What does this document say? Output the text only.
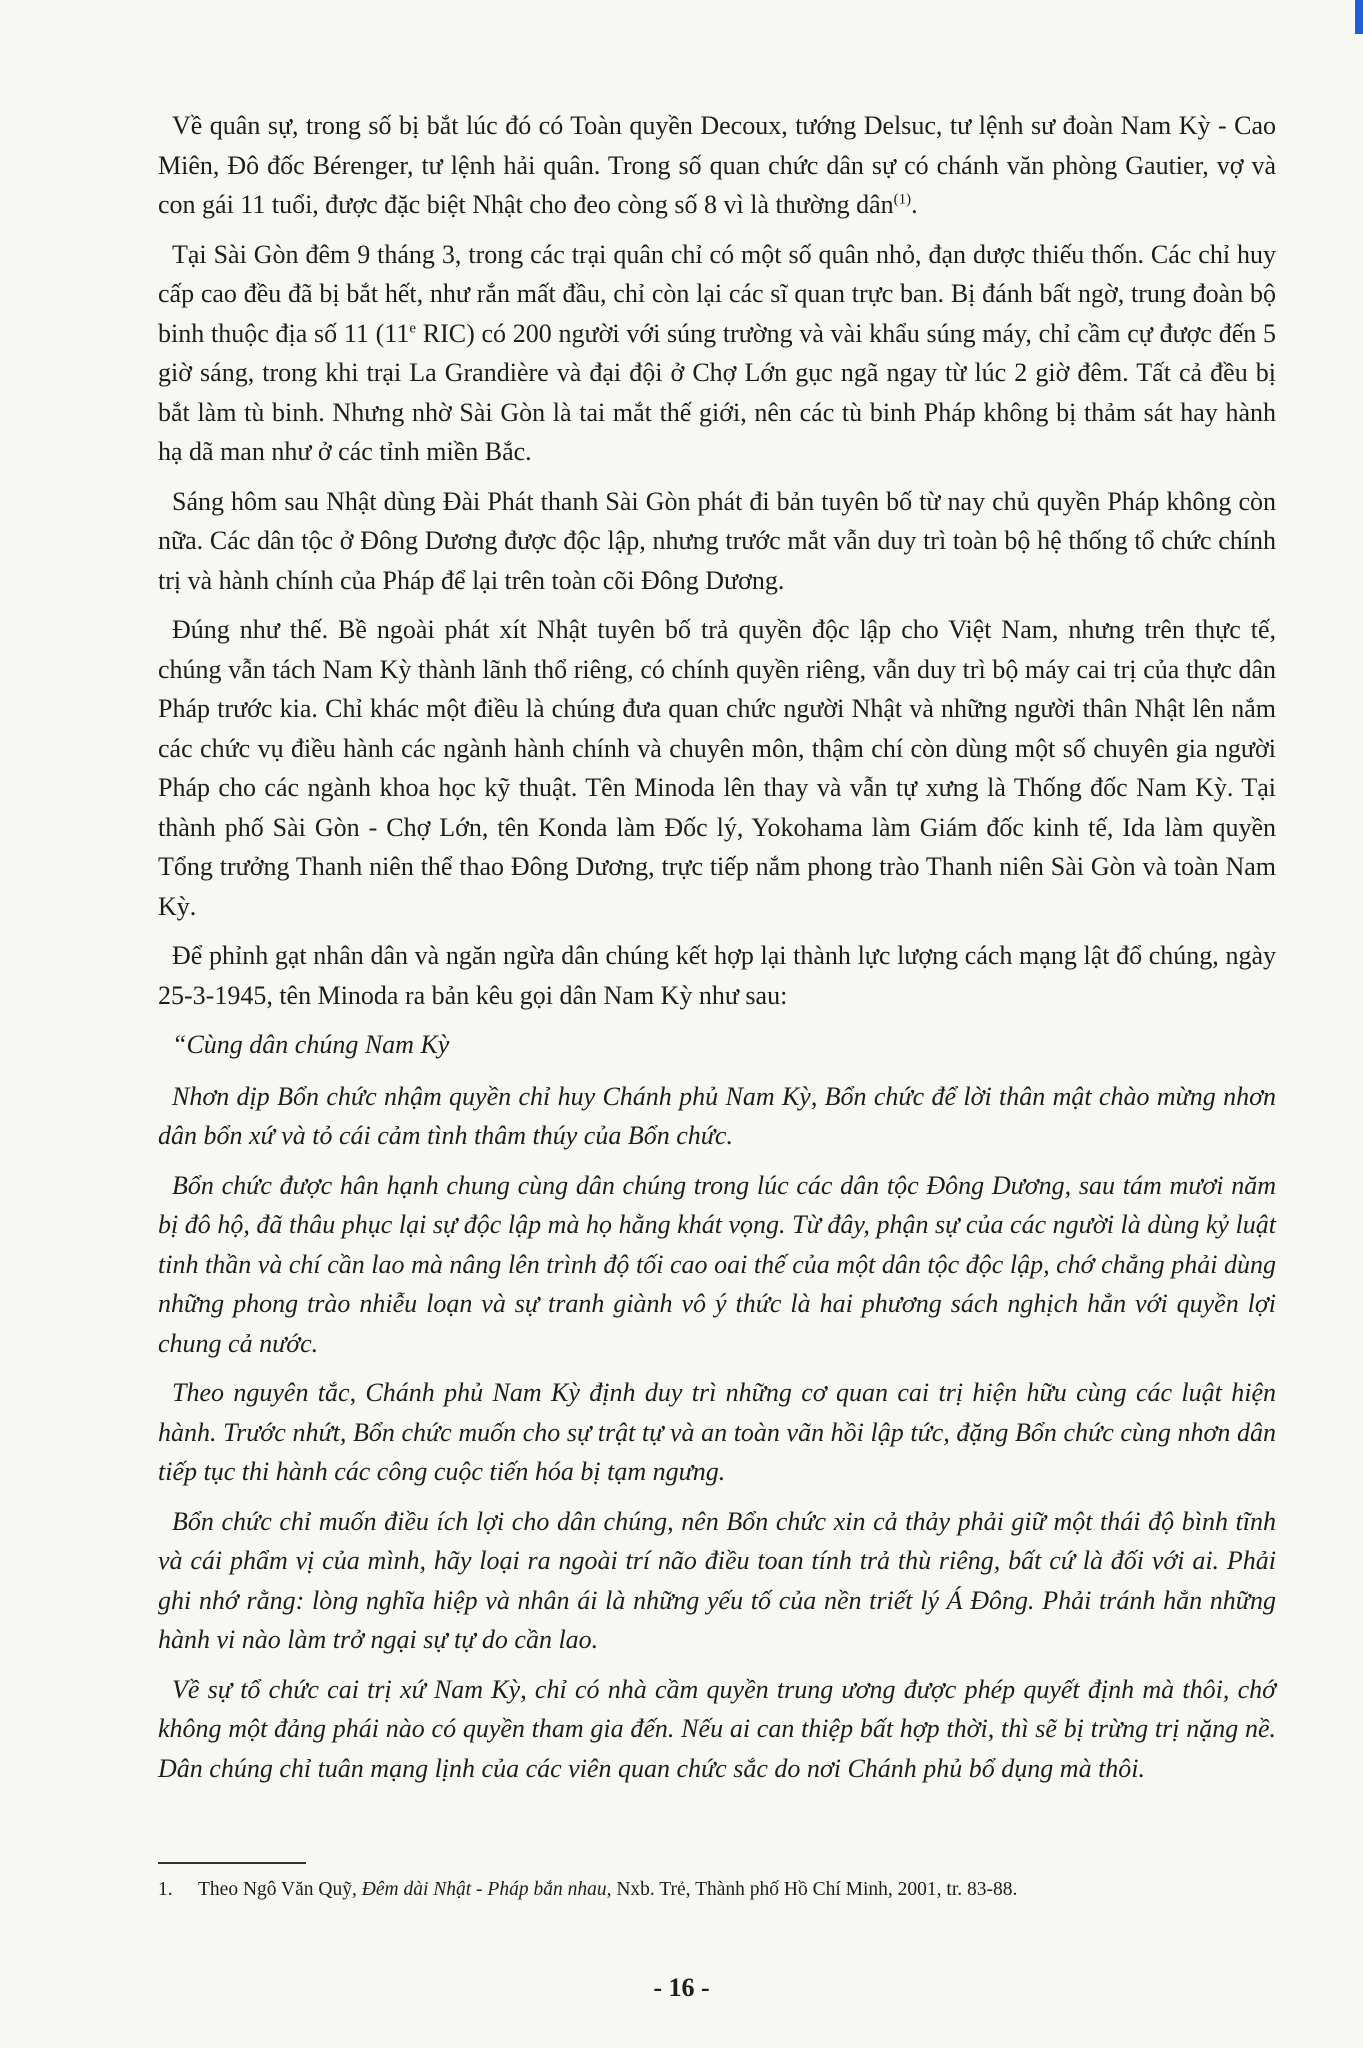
Về quân sự, trong số bị bắt lúc đó có Toàn quyền Decoux, tướng Delsuc, tư lệnh sư đoàn Nam Kỳ - Cao Miên, Đô đốc Bérenger, tư lệnh hải quân. Trong số quan chức dân sự có chánh văn phòng Gautier, vợ và con gái 11 tuổi, được đặc biệt Nhật cho đeo còng số 8 vì là thường dân$^{(1)}$.

Tại Sài Gòn đêm 9 tháng 3, trong các trại quân chỉ có một số quân nhỏ, đạn dược thiếu thốn. Các chỉ huy cấp cao đều đã bị bắt hết, như rắn mất đầu, chỉ còn lại các sĩ quan trực ban. Bị đánh bất ngờ, trung đoàn bộ binh thuộc địa số 11 (11e RIC) có 200 người với súng trường và vài khẩu súng máy, chỉ cầm cự được đến 5 giờ sáng, trong khi trại La Grandière và đại đội ở Chợ Lớn gục ngã ngay từ lúc 2 giờ đêm. Tất cả đều bị bắt làm tù binh. Nhưng nhờ Sài Gòn là tai mắt thế giới, nên các tù binh Pháp không bị thảm sát hay hành hạ dã man như ở các tỉnh miền Bắc.

Sáng hôm sau Nhật dùng Đài Phát thanh Sài Gòn phát đi bản tuyên bố từ nay chủ quyền Pháp không còn nữa. Các dân tộc ở Đông Dương được độc lập, nhưng trước mắt vẫn duy trì toàn bộ hệ thống tổ chức chính trị và hành chính của Pháp để lại trên toàn cõi Đông Dương.

Đúng như thế. Bề ngoài phát xít Nhật tuyên bố trả quyền độc lập cho Việt Nam, nhưng trên thực tế, chúng vẫn tách Nam Kỳ thành lãnh thổ riêng, có chính quyền riêng, vẫn duy trì bộ máy cai trị của thực dân Pháp trước kia. Chỉ khác một điều là chúng đưa quan chức người Nhật và những người thân Nhật lên nắm các chức vụ điều hành các ngành hành chính và chuyên môn, thậm chí còn dùng một số chuyên gia người Pháp cho các ngành khoa học kỹ thuật. Tên Minoda lên thay và vẫn tự xưng là Thống đốc Nam Kỳ. Tại thành phố Sài Gòn - Chợ Lớn, tên Konda làm Đốc lý, Yokohama làm Giám đốc kinh tế, Ida làm quyền Tổng trưởng Thanh niên thể thao Đông Dương, trực tiếp nắm phong trào Thanh niên Sài Gòn và toàn Nam Kỳ.

Để phỉnh gạt nhân dân và ngăn ngừa dân chúng kết hợp lại thành lực lượng cách mạng lật đổ chúng, ngày 25-3-1945, tên Minoda ra bản kêu gọi dân Nam Kỳ như sau:

“Cùng dân chúng Nam Kỳ

Nhơn dịp Bổn chức nhậm quyền chỉ huy Chánh phủ Nam Kỳ, Bổn chức để lời thân mật chào mừng nhơn dân bổn xứ và tỏ cái cảm tình thâm thúy của Bổn chức.

Bổn chức được hân hạnh chung cùng dân chúng trong lúc các dân tộc Đông Dương, sau tám mươi năm bị đô hộ, đã thâu phục lại sự độc lập mà họ hằng khát vọng. Từ đây, phận sự của các người là dùng kỷ luật tinh thần và chí cần lao mà nâng lên trình độ tối cao oai thế của một dân tộc độc lập, chớ chẳng phải dùng những phong trào nhiễu loạn và sự tranh giành vô ý thức là hai phương sách nghịch hẳn với quyền lợi chung cả nước.

Theo nguyên tắc, Chánh phủ Nam Kỳ định duy trì những cơ quan cai trị hiện hữu cùng các luật hiện hành. Trước nhứt, Bổn chức muốn cho sự trật tự và an toàn vãn hồi lập tức, đặng Bổn chức cùng nhơn dân tiếp tục thi hành các công cuộc tiến hóa bị tạm ngưng.

Bổn chức chỉ muốn điều ích lợi cho dân chúng, nên Bổn chức xin cả thảy phải giữ một thái độ bình tĩnh và cái phẩm vị của mình, hãy loại ra ngoài trí não điều toan tính trả thù riêng, bất cứ là đối với ai. Phải ghi nhớ rằng: lòng nghĩa hiệp và nhân ái là những yếu tố của nền triết lý Á Đông. Phải tránh hẳn những hành vi nào làm trở ngại sự tự do cần lao.

Về sự tổ chức cai trị xứ Nam Kỳ, chỉ có nhà cầm quyền trung ương được phép quyết định mà thôi, chớ không một đảng phái nào có quyền tham gia đến. Nếu ai can thiệp bất hợp thời, thì sẽ bị trừng trị nặng nề. Dân chúng chỉ tuân mạng lịnh của các viên quan chức sắc do nơi Chánh phủ bổ dụng mà thôi.

1. Theo Ngô Văn Quỹ, Đêm dài Nhật - Pháp bắn nhau, Nxb. Trẻ, Thành phố Hồ Chí Minh, 2001, tr. 83-88.
- 16 -
